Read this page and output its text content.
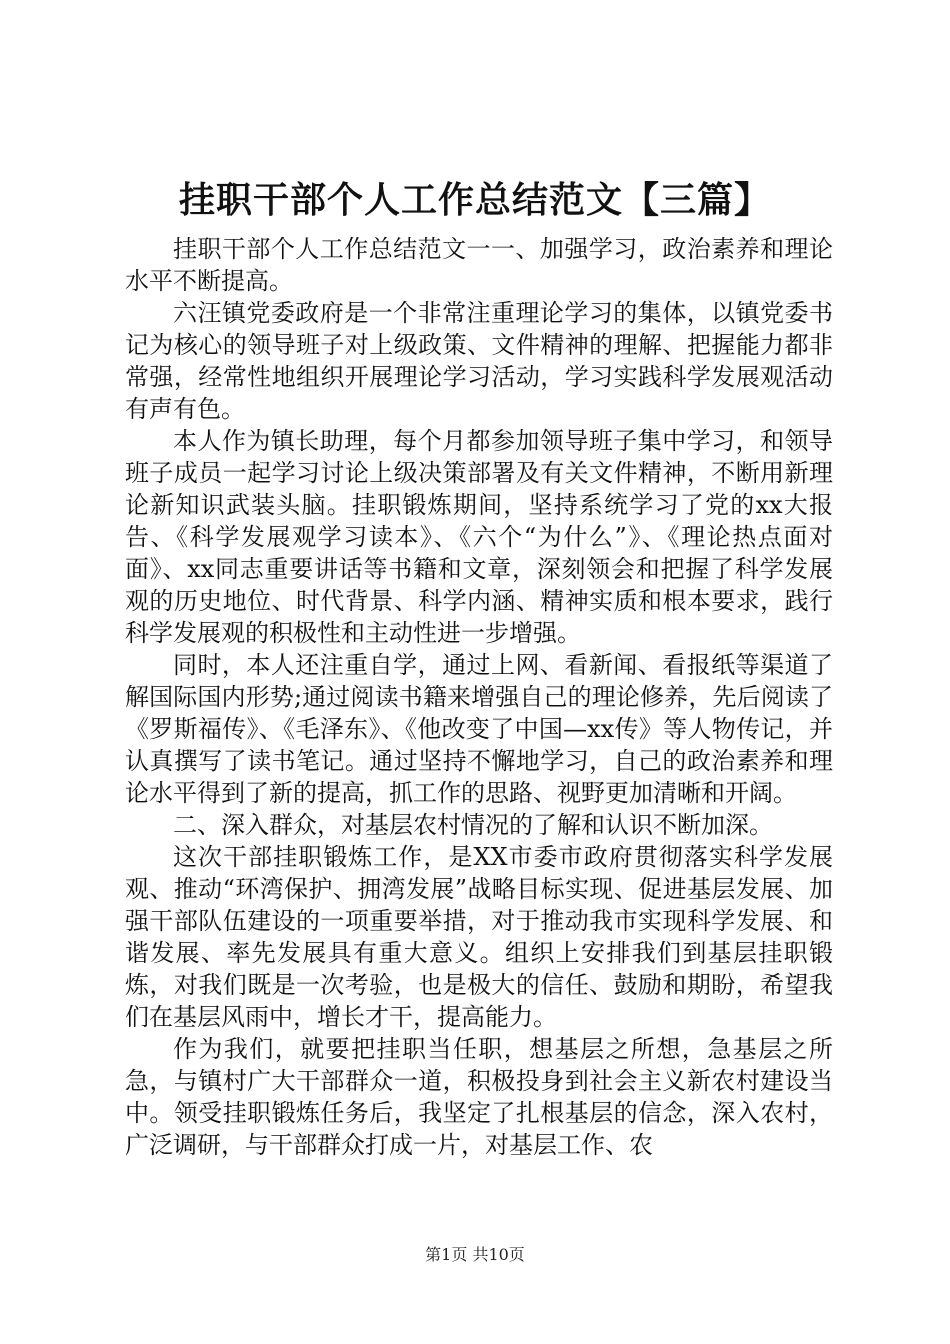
挂职干部个人工作总结范文【三篇】

挂职干部个人工作总结范文一一、加强学习，政治素养和理论水平不断提高。

六汪镇党委政府是一个非常注重理论学习的集体，以镇党委书记为核心的领导班子对上级政策、文件精神的理解、把握能力都非常强，经常性地组织开展理论学习活动，学习实践科学发展观活动有声有色。

本人作为镇长助理，每个月都参加领导班子集中学习，和领导班子成员一起学习讨论上级决策部署及有关文件精神，不断用新理论新知识武装头脑。挂职锻炼期间，坚持系统学习了党的xx大报告、《科学发展观学习读本》、《六个“为什么”》、《理论热点面对面》、xx同志重要讲话等书籍和文章，深刻领会和把握了科学发展观的历史地位、时代背景、科学内涵、精神实质和根本要求，践行科学发展观的积极性和主动性进一步增强。

同时，本人还注重自学，通过上网、看新闻、看报纸等渠道了解国际国内形势;通过阅读书籍来增强自己的理论修养，先后阅读了《罗斯福传》、《毛泽东》、《他改变了中国—xx传》等人物传记，并认真撰写了读书笔记。通过坚持不懈地学习，自己的政治素养和理论水平得到了新的提高，抓工作的思路、视野更加清晰和开阔。

二、深入群众，对基层农村情况的了解和认识不断加深。

这次干部挂职锻炼工作，是XX市委市政府贯彻落实科学发展观、推动“环湾保护、拥湾发展”战略目标实现、促进基层发展、加强干部队伍建设的一项重要举措，对于推动我市实现科学发展、和谐发展、率先发展具有重大意义。组织上安排我们到基层挂职锻炼，对我们既是一次考验，也是极大的信任、鼓励和期盼，希望我们在基层风雨中，增长才干，提高能力。

作为我们，就要把挂职当任职，想基层之所想，急基层之所急，与镇村广大干部群众一道，积极投身到社会主义新农村建设当中。领受挂职锻炼任务后，我坚定了扎根基层的信念，深入农村，广泛调研，与干部群众打成一片，对基层工作、农

第1页 共10页
